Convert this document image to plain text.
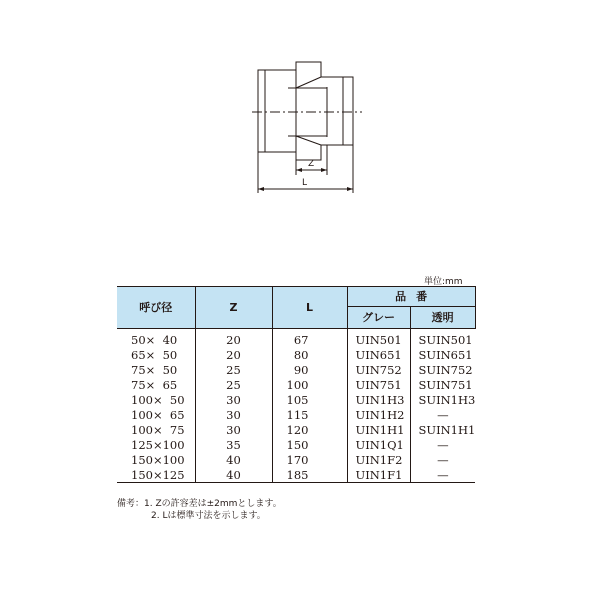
Z
L
単位:mm
呼び径	Z	L	品番	
			グレー	透明
50×  40	20	67	UIN501	SUIN501
65×  50	20	80	UIN651	SUIN651
75×  50	25	90	UIN752	SUIN752
75×  65	25	100	UIN751	SUIN751
100×  50	30	105	UIN1H3	SUIN1H3
100×  65	30	115	UIN1H2	—
100×  75	30	120	UIN1H1	SUIN1H1
125×100	35	150	UIN1Q1	—
150×100	40	170	UIN1F2	—
150×125	40	185	UIN1F1	—
備考：1. Zの許容差は±2mmとします。
2. Lは標準寸法を示します。
